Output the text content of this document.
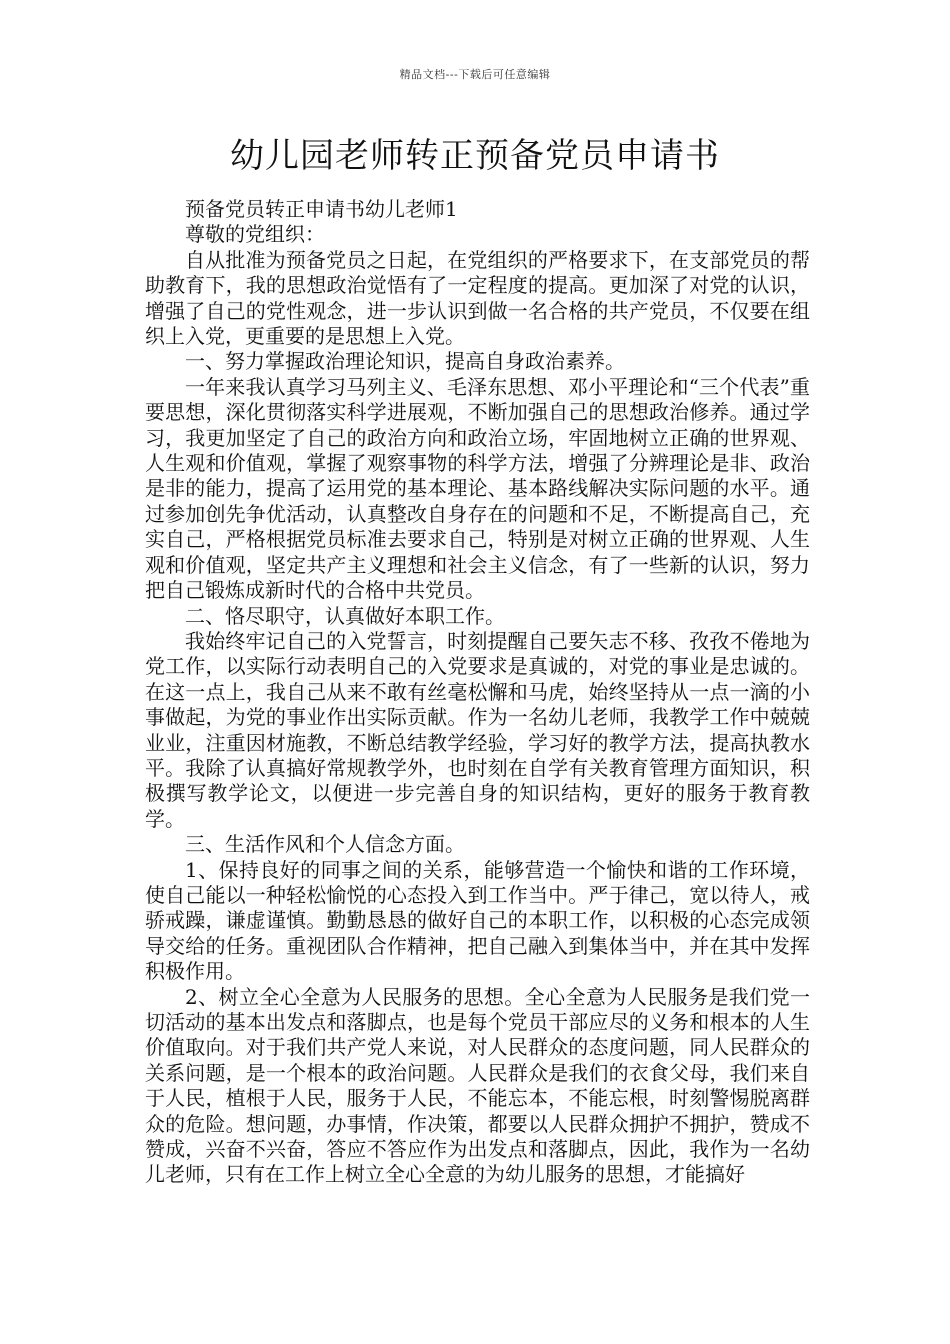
精品文档---下载后可任意编辑
幼儿园老师转正预备党员申请书

预备党员转正申请书幼儿老师1

尊敬的党组织：

自从批准为预备党员之日起，在党组织的严格要求下，在支部党员的帮助教育下，我的思想政治觉悟有了一定程度的提高。更加深了对党的认识，增强了自己的党性观念，进一步认识到做一名合格的共产党员，不仅要在组织上入党，更重要的是思想上入党。

一、努力掌握政治理论知识，提高自身政治素养。

一年来我认真学习马列主义、毛泽东思想、邓小平理论和“三个代表”重要思想，深化贯彻落实科学进展观，不断加强自己的思想政治修养。通过学习，我更加坚定了自己的政治方向和政治立场，牢固地树立正确的世界观、人生观和价值观，掌握了观察事物的科学方法，增强了分辨理论是非、政治是非的能力，提高了运用党的基本理论、基本路线解决实际问题的水平。通过参加创先争优活动，认真整改自身存在的问题和不足，不断提高自己，充实自己，严格根据党员标准去要求自己，特别是对树立正确的世界观、人生观和价值观，坚定共产主义理想和社会主义信念，有了一些新的认识，努力把自己锻炼成新时代的合格中共党员。

二、恪尽职守，认真做好本职工作。

我始终牢记自己的入党誓言，时刻提醒自己要矢志不移、孜孜不倦地为党工作，以实际行动表明自己的入党要求是真诚的，对党的事业是忠诚的。在这一点上，我自己从来不敢有丝毫松懈和马虎，始终坚持从一点一滴的小事做起，为党的事业作出实际贡献。作为一名幼儿老师，我教学工作中兢兢业业，注重因材施教，不断总结教学经验，学习好的教学方法，提高执教水平。我除了认真搞好常规教学外，也时刻在自学有关教育管理方面知识，积极撰写教学论文，以便进一步完善自身的知识结构，更好的服务于教育教学。

三、生活作风和个人信念方面。

1、保持良好的同事之间的关系，能够营造一个愉快和谐的工作环境，使自己能以一种轻松愉悦的心态投入到工作当中。严于律己，宽以待人，戒骄戒躁，谦虚谨慎。勤勤恳恳的做好自己的本职工作，以积极的心态完成领导交给的任务。重视团队合作精神，把自己融入到集体当中，并在其中发挥积极作用。

2、树立全心全意为人民服务的思想。全心全意为人民服务是我们党一切活动的基本出发点和落脚点，也是每个党员干部应尽的义务和根本的人生价值取向。对于我们共产党人来说，对人民群众的态度问题，同人民群众的关系问题，是一个根本的政治问题。人民群众是我们的衣食父母，我们来自于人民，植根于人民，服务于人民，不能忘本，不能忘根，时刻警惕脱离群众的危险。想问题，办事情，作决策，都要以人民群众拥护不拥护，赞成不赞成，兴奋不兴奋，答应不答应作为出发点和落脚点，因此，我作为一名幼儿老师，只有在工作上树立全心全意的为幼儿服务的思想，才能搞好
